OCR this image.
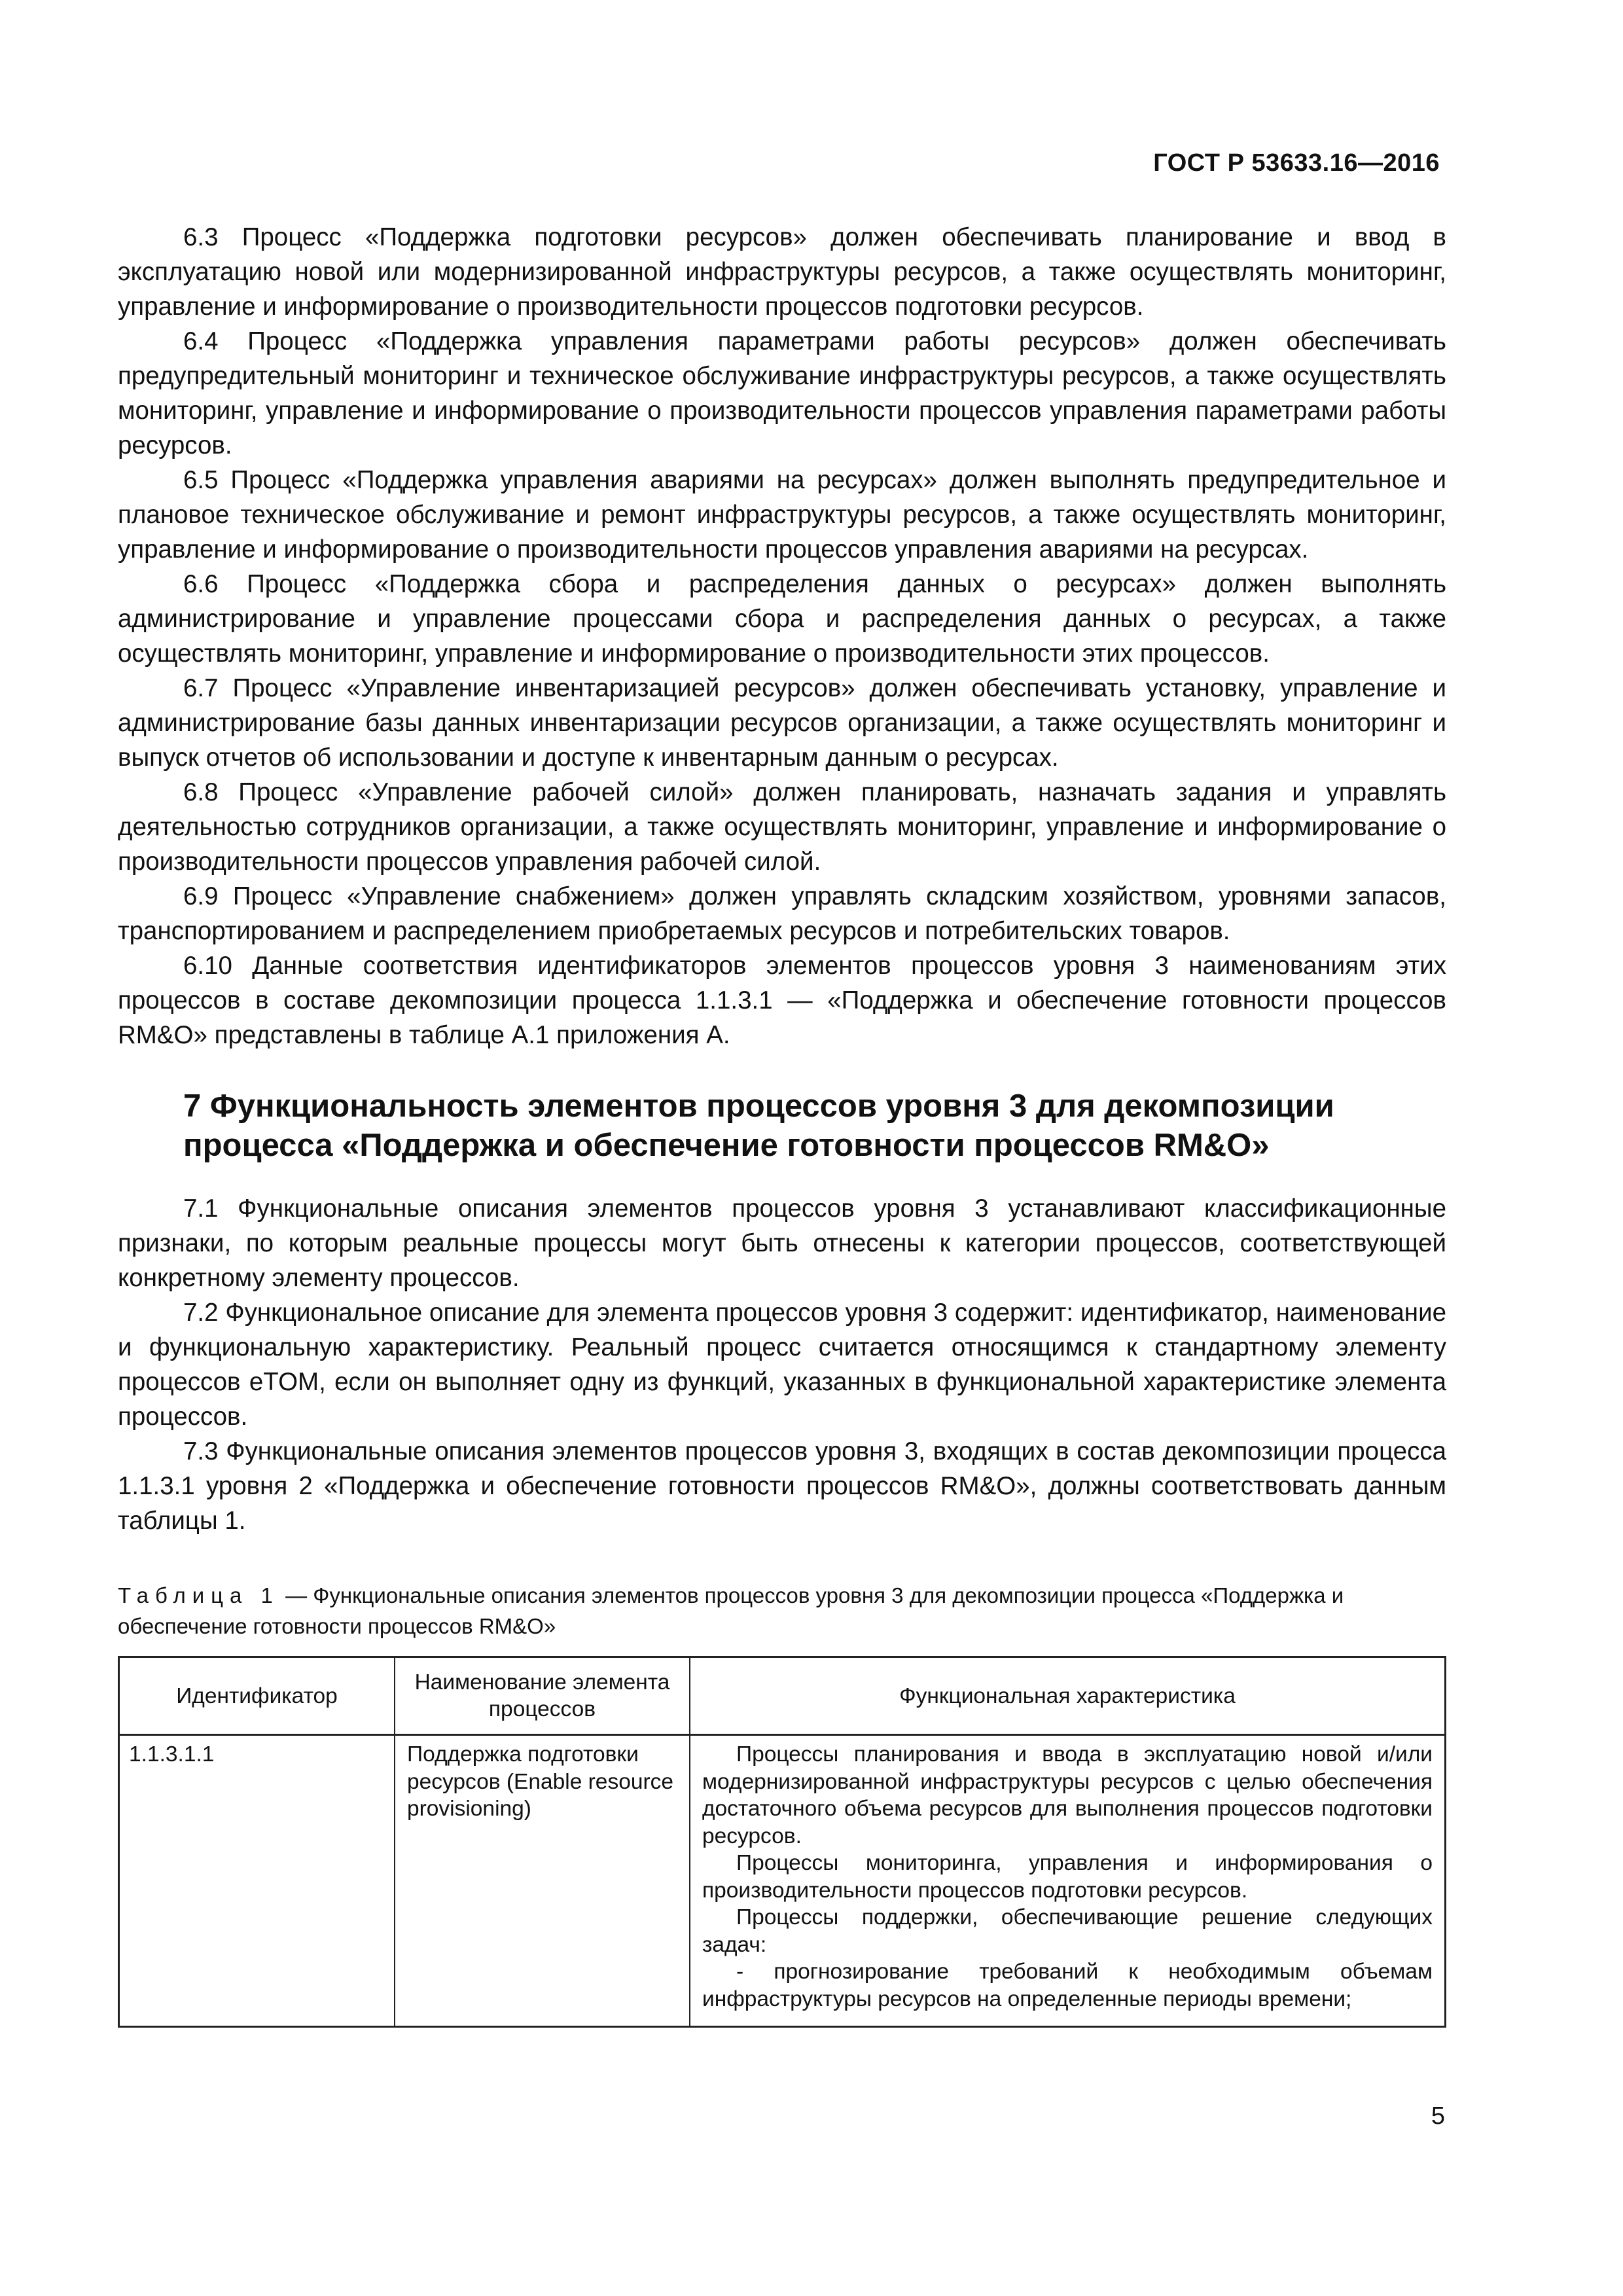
ГОСТ Р 53633.16—2016

6.3 Процесс «Поддержка подготовки ресурсов» должен обеспечивать планирование и ввод в эксплуатацию новой или модернизированной инфраструктуры ресурсов, а также осуществлять мониторинг, управление и информирование о производительности процессов подготовки ресурсов.

6.4 Процесс «Поддержка управления параметрами работы ресурсов» должен обеспечивать предупредительный мониторинг и техническое обслуживание инфраструктуры ресурсов, а также осуществлять мониторинг, управление и информирование о производительности процессов управления параметрами работы ресурсов.

6.5 Процесс «Поддержка управления авариями на ресурсах» должен выполнять предупредительное и плановое техническое обслуживание и ремонт инфраструктуры ресурсов, а также осуществлять мониторинг, управление и информирование о производительности процессов управления авариями на ресурсах.

6.6 Процесс «Поддержка сбора и распределения данных о ресурсах» должен выполнять администрирование и управление процессами сбора и распределения данных о ресурсах, а также осуществлять мониторинг, управление и информирование о производительности этих процессов.

6.7 Процесс «Управление инвентаризацией ресурсов» должен обеспечивать установку, управление и администрирование базы данных инвентаризации ресурсов организации, а также осуществлять мониторинг и выпуск отчетов об использовании и доступе к инвентарным данным о ресурсах.

6.8 Процесс «Управление рабочей силой» должен планировать, назначать задания и управлять деятельностью сотрудников организации, а также осуществлять мониторинг, управление и информирование о производительности процессов управления рабочей силой.

6.9 Процесс «Управление снабжением» должен управлять складским хозяйством, уровнями запасов, транспортированием и распределением приобретаемых ресурсов и потребительских товаров.

6.10 Данные соответствия идентификаторов элементов процессов уровня 3 наименованиям этих процессов в составе декомпозиции процесса 1.1.3.1 — «Поддержка и обеспечение готовности процессов RM&O» представлены в таблице А.1 приложения А.

7 Функциональность элементов процессов уровня 3 для декомпозиции
процесса «Поддержка и обеспечение готовности процессов RM&O»

7.1 Функциональные описания элементов процессов уровня 3 устанавливают классификационные признаки, по которым реальные процессы могут быть отнесены к категории процессов, соответствующей конкретному элементу процессов.

7.2 Функциональное описание для элемента процессов уровня 3 содержит: идентификатор, наименование и функциональную характеристику. Реальный процесс считается относящимся к стандартному элементу процессов eTOM, если он выполняет одну из функций, указанных в функциональной характеристике элемента процессов.

7.3 Функциональные описания элементов процессов уровня 3, входящих в состав декомпозиции процесса 1.1.3.1 уровня 2 «Поддержка и обеспечение готовности процессов RM&O», должны соответствовать данным таблицы 1.

Таблица 1 — Функциональные описания элементов процессов уровня 3 для декомпозиции процесса «Поддержка и обеспечение готовности процессов RM&O»
Идентификатор	Наименование элемента процессов	Функциональная характеристика
1.1.3.1.1	Поддержка подготовки ресурсов (Enable resource provisioning)	Процессы планирования и ввода в эксплуатацию новой и/или модернизированной инфраструктуры ресурсов с целью обеспечения достаточного объема ресурсов для выполнения процессов подготовки ресурсов.

Процессы мониторинга, управления и информирования о производительности процессов подготовки ресурсов.

Процессы поддержки, обеспечивающие решение следующих задач:

- прогнозирование требований к необходимым объемам инфраструктуры ресурсов на определенные периоды времени;

5
